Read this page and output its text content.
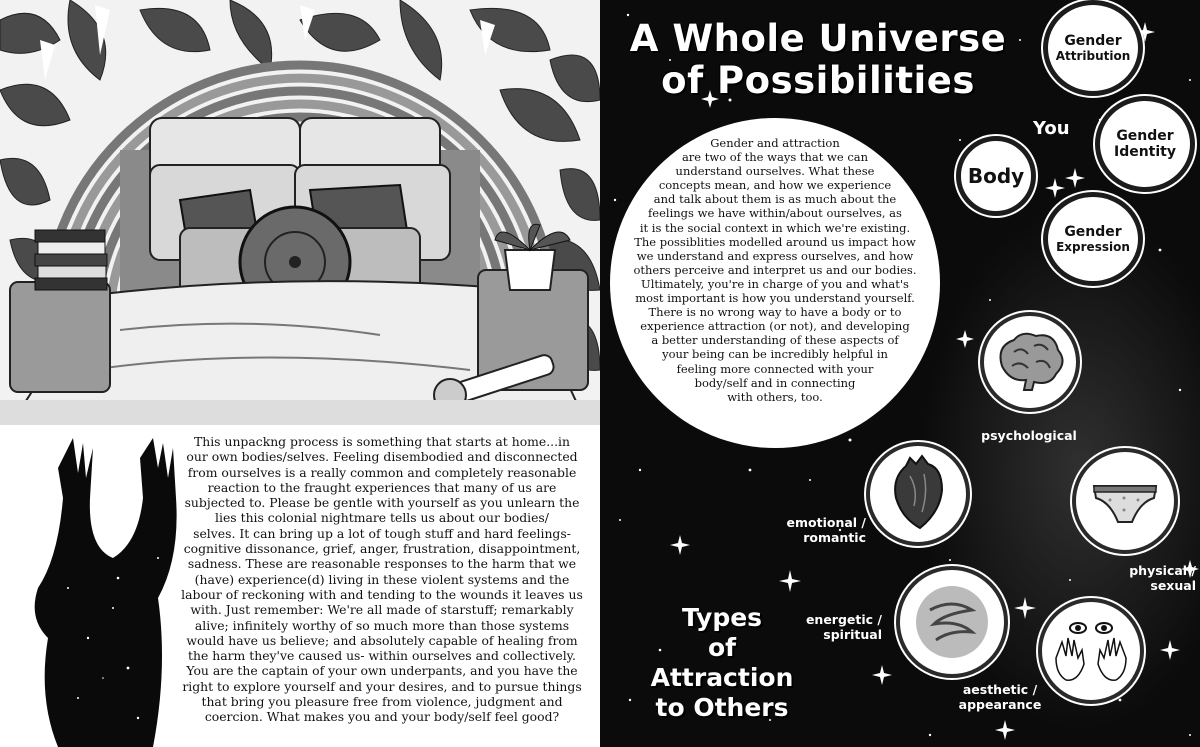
This unpackng process is something that starts at home...in
our own bodies/selves. Feeling disembodied and disconnected
from ourselves is a really common and completely reasonable
reaction to the fraught experiences that many of us are
subjected to. Please be gentle with yourself as you unlearn the
lies this colonial nightmare tells us about our bodies/
selves. It can bring up a lot of tough stuff and hard feelings-
cognitive dissonance, grief, anger, frustration, disappointment,
sadness. These are reasonable responses to the harm that we
(have) experience(d) living in these violent systems and the
labour of reckoning with and tending to the wounds it leaves us
with. Just remember: We're all made of starstuff; remarkably
alive; infinitely worthy of so much more than those systems
would have us believe; and absolutely capable of healing from
the harm they've caused us- within ourselves and collectively.
You are the captain of your own underpants, and you have the
right to explore yourself and your desires, and to pursue things
that bring you pleasure free from violence, judgment and
coercion. What makes you and your body/self feel good?
A Whole Universe
of Possibilities
Gender and attraction
are two of the ways that we can
understand ourselves. What these
concepts mean, and how we experience
and talk about them is as much about the
feelings we have within/about ourselves, as
it is the social context in which we're existing.
The possiblities modelled around us impact how
we understand and express ourselves, and how
others perceive and interpret us and our bodies.
Ultimately, you're in charge of you and what's
most important is how you understand yourself.
There is no wrong way to have a body or to
experience attraction (or not), and developing
a better understanding of these aspects of
your being can be incredibly helpful in
feeling more connected with your
body/self and in connecting
with others, too.
Gender
Attribution
Gender
Identity
Body
Gender
Expression
You
psychological
emotional /
romantic
physical /
sexual
energetic /
spiritual
aesthetic /
appearance
Types
of
Attraction
to Others
